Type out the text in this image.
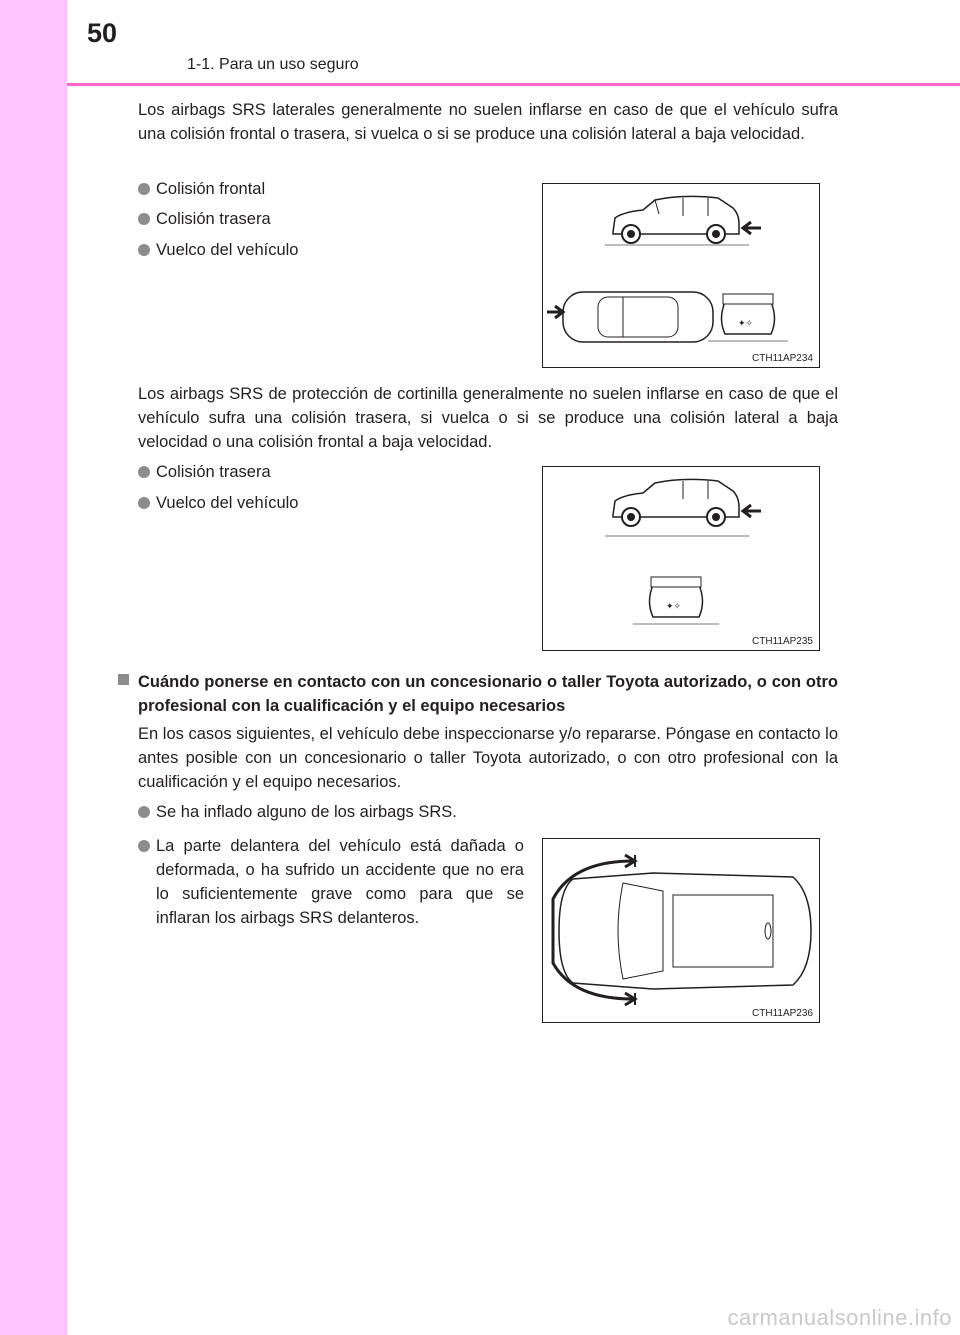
50
1-1. Para un uso seguro
Los airbags SRS laterales generalmente no suelen inflarse en caso de que el vehículo sufra una colisión frontal o trasera, si vuelca o si se produce una colisión lateral a baja velocidad.
Colisión frontal
Colisión trasera
Vuelco del vehículo
✦✧
CTH11AP234
Los airbags SRS de protección de cortinilla generalmente no suelen inflarse en caso de que el vehículo sufra una colisión trasera, si vuelca o si se produce una colisión lateral a baja velocidad o una colisión frontal a baja velocidad.
Colisión trasera
Vuelco del vehículo
✦✧
CTH11AP235
Cuándo ponerse en contacto con un concesionario o taller Toyota autorizado, o con otro profesional con la cualificación y el equipo necesarios
En los casos siguientes, el vehículo debe inspeccionarse y/o repararse. Póngase en contacto lo antes posible con un concesionario o taller Toyota autorizado, o con otro profesional con la cualificación y el equipo necesarios.
Se ha inflado alguno de los airbags SRS.
La parte delantera del vehículo está dañada o deformada, o ha sufrido un accidente que no era lo suficientemente grave como para que se inflaran los airbags SRS delanteros.
CTH11AP236
carmanualsonline.info
